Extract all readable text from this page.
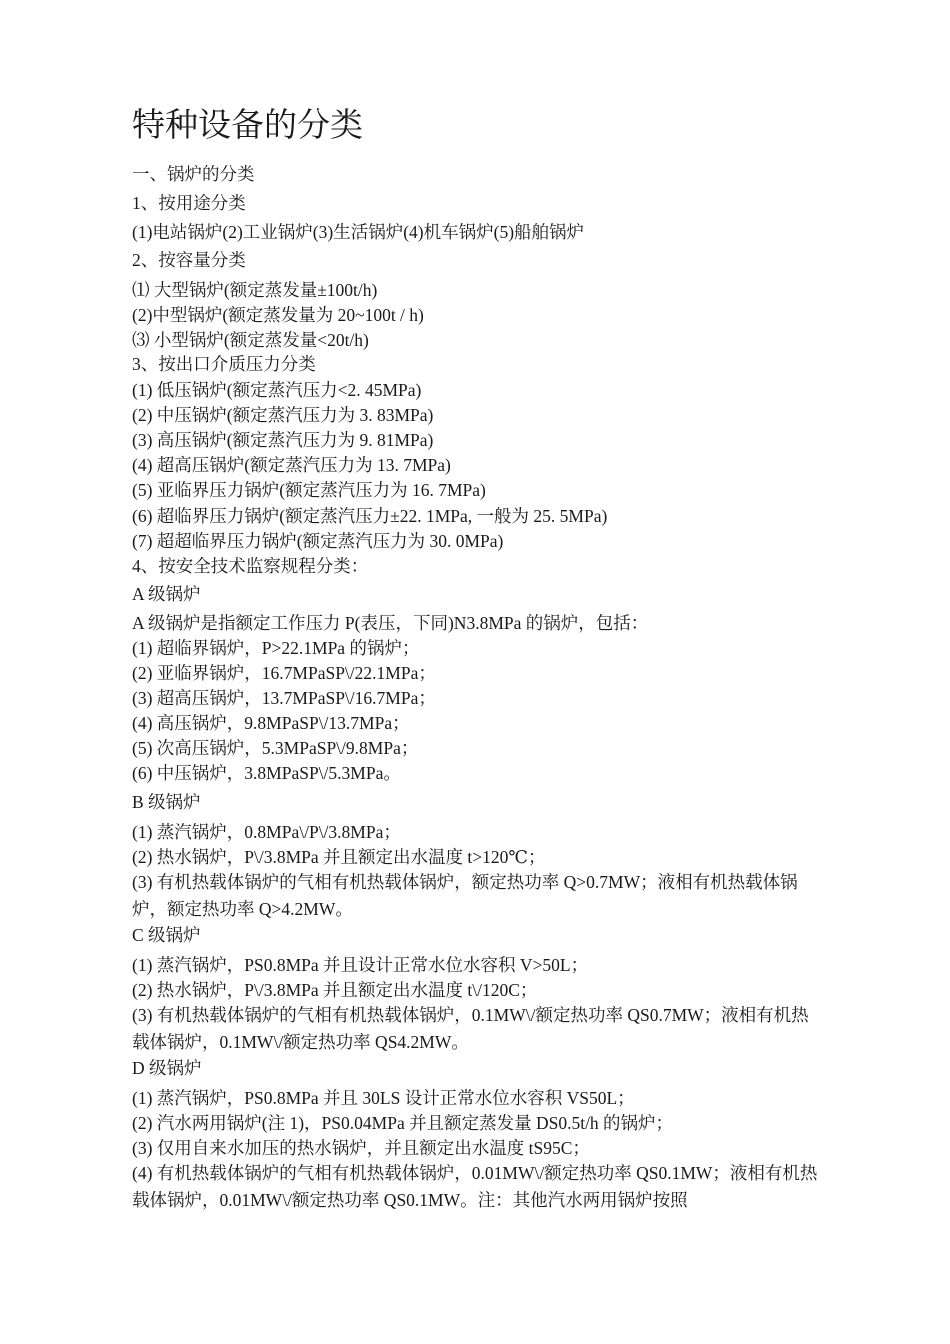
特种设备的分类
一、锅炉的分类
1、按用途分类
(1)电站锅炉(2)工业锅炉(3)生活锅炉(4)机车锅炉(5)船舶锅炉
2、按容量分类
⑴ 大型锅炉(额定蒸发量±100t/h)
(2)中型锅炉(额定蒸发量为 20~100t / h)
⑶ 小型锅炉(额定蒸发量<20t/h)
3、按出口介质压力分类
(1) 低压锅炉(额定蒸汽压力<2. 45MPa)
(2) 中压锅炉(额定蒸汽压力为 3. 83MPa)
(3) 高压锅炉(额定蒸汽压力为 9. 81MPa)
(4) 超高压锅炉(额定蒸汽压力为 13. 7MPa)
(5) 亚临界压力锅炉(额定蒸汽压力为 16. 7MPa)
(6) 超临界压力锅炉(额定蒸汽压力±22. 1MPa, 一般为 25. 5MPa)
(7) 超超临界压力锅炉(额定蒸汽压力为 30. 0MPa)
4、按安全技术监察规程分类：
A 级锅炉
A 级锅炉是指额定工作压力 P(表压，下同)N3.8MPa 的锅炉，包括：
(1) 超临界锅炉，P>22.1MPa 的锅炉；
(2) 亚临界锅炉，16.7MPaSP\/22.1MPa；
(3) 超高压锅炉，13.7MPaSP\/16.7MPa；
(4) 高压锅炉，9.8MPaSP\/13.7MPa；
(5) 次高压锅炉，5.3MPaSP\/9.8MPa；
(6) 中压锅炉，3.8MPaSP\/5.3MPa。
B 级锅炉
(1) 蒸汽锅炉，0.8MPa\/P\/3.8MPa；
(2) 热水锅炉，P\/3.8MPa 并且额定出水温度 t>120℃；
(3) 有机热载体锅炉的气相有机热载体锅炉，额定热功率 Q>0.7MW；液相有机热载体锅炉，额定热功率 Q>4.2MW。
C 级锅炉
(1) 蒸汽锅炉，PS0.8MPa 并且设计正常水位水容积 V>50L；
(2) 热水锅炉，P\/3.8MPa 并且额定出水温度 t\/120C；
(3) 有机热载体锅炉的气相有机热载体锅炉，0.1MW\/额定热功率 QS0.7MW；液相有机热载体锅炉，0.1MW\/额定热功率 QS4.2MW。
D 级锅炉
(1) 蒸汽锅炉，PS0.8MPa 并且 30LS 设计正常水位水容积 VS50L；
(2) 汽水两用锅炉(注 1)，PS0.04MPa 并且额定蒸发量 DS0.5t/h 的锅炉；
(3) 仅用自来水加压的热水锅炉，并且额定出水温度 tS95C；
(4) 有机热载体锅炉的气相有机热载体锅炉，0.01MW\/额定热功率 QS0.1MW；液相有机热载体锅炉，0.01MW\/额定热功率 QS0.1MW。注：其他汽水两用锅炉按照
